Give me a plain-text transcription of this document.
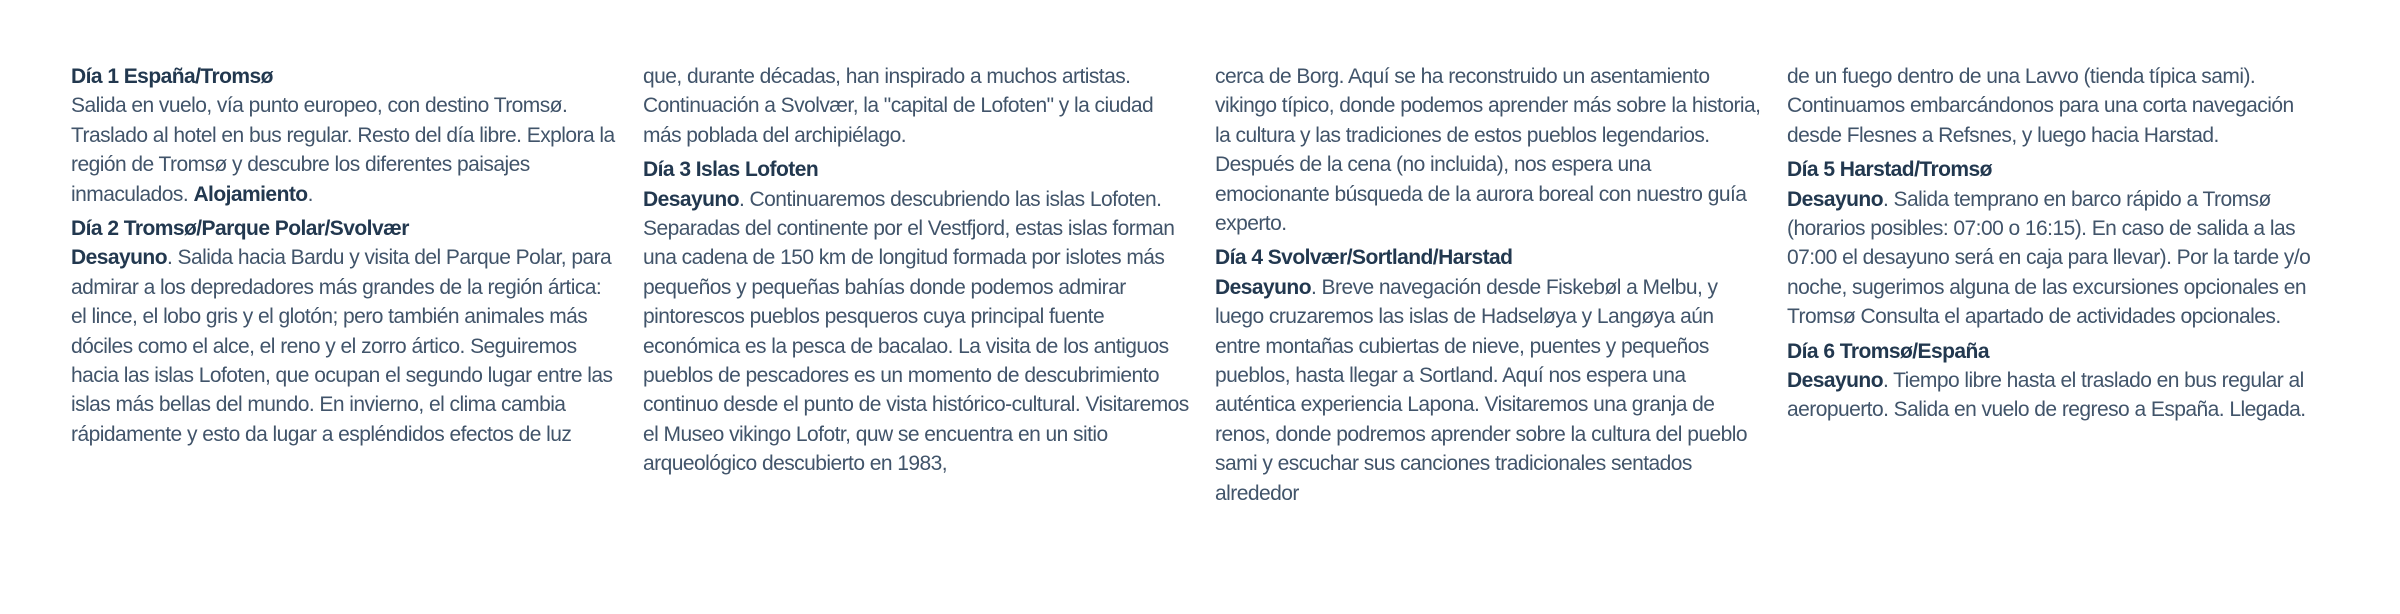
Día 1 España/Tromsø

Salida en vuelo, vía punto europeo, con destino Tromsø. Traslado al hotel en bus regular. Resto del día libre. Explora la región de Tromsø y descubre los diferentes paisajes inmaculados. Alojamiento.

Día 2 Tromsø/Parque Polar/Svolvær

Desayuno. Salida hacia Bardu y visita del Parque Polar, para admirar a los depredadores más grandes de la región ártica: el lince, el lobo gris y el glotón; pero también animales más dóciles como el alce, el reno y el zorro ártico. Seguiremos hacia las islas Lofoten, que ocupan el segundo lugar entre las islas más bellas del mundo. En invierno, el clima cambia rápidamente y esto da lugar a espléndidos efectos de luz

que, durante décadas, han inspirado a muchos artistas. Continuación a Svolvær, la "capital de Lofoten" y la ciudad más poblada del archipiélago.

Día 3 Islas Lofoten

Desayuno. Continuaremos descubriendo las islas Lofoten. Separadas del continente por el Vestfjord, estas islas forman una cadena de 150 km de longitud formada por islotes más pequeños y pequeñas bahías donde podemos admirar pintorescos pueblos pesqueros cuya principal fuente económica es la pesca de bacalao. La visita de los antiguos pueblos de pescadores es un momento de descubrimiento continuo desde el punto de vista histórico-cultural. Visitaremos el Museo vikingo Lofotr, quw se encuentra en un sitio arqueológico descubierto en 1983,

cerca de Borg. Aquí se ha reconstruido un asentamiento vikingo típico, donde podemos aprender más sobre la historia, la cultura y las tradiciones de estos pueblos legendarios. Después de la cena (no incluida), nos espera una emocionante búsqueda de la aurora boreal con nuestro guía experto.

Día 4 Svolvær/Sortland/Harstad

Desayuno. Breve navegación desde Fiskebøl a Melbu, y luego cruzaremos las islas de Hadseløya y Langøya aún entre montañas cubiertas de nieve, puentes y pequeños pueblos, hasta llegar a Sortland. Aquí nos espera una auténtica experiencia Lapona. Visitaremos una granja de renos, donde podremos aprender sobre la cultura del pueblo sami y escuchar sus canciones tradicionales sentados alrededor

de un fuego dentro de una Lavvo (tienda típica sami). Continuamos embarcándonos para una corta navegación desde Flesnes a Refsnes, y luego hacia Harstad.

Día 5 Harstad/Tromsø

Desayuno. Salida temprano en barco rápido a Tromsø (horarios posibles: 07:00 o 16:15). En caso de salida a las 07:00 el desayuno será en caja para llevar). Por la tarde y/o noche, sugerimos alguna de las excursiones opcionales en Tromsø Consulta el apartado de actividades opcionales.

Día 6 Tromsø/España

Desayuno. Tiempo libre hasta el traslado en bus regular al aeropuerto. Salida en vuelo de regreso a España. Llegada.
